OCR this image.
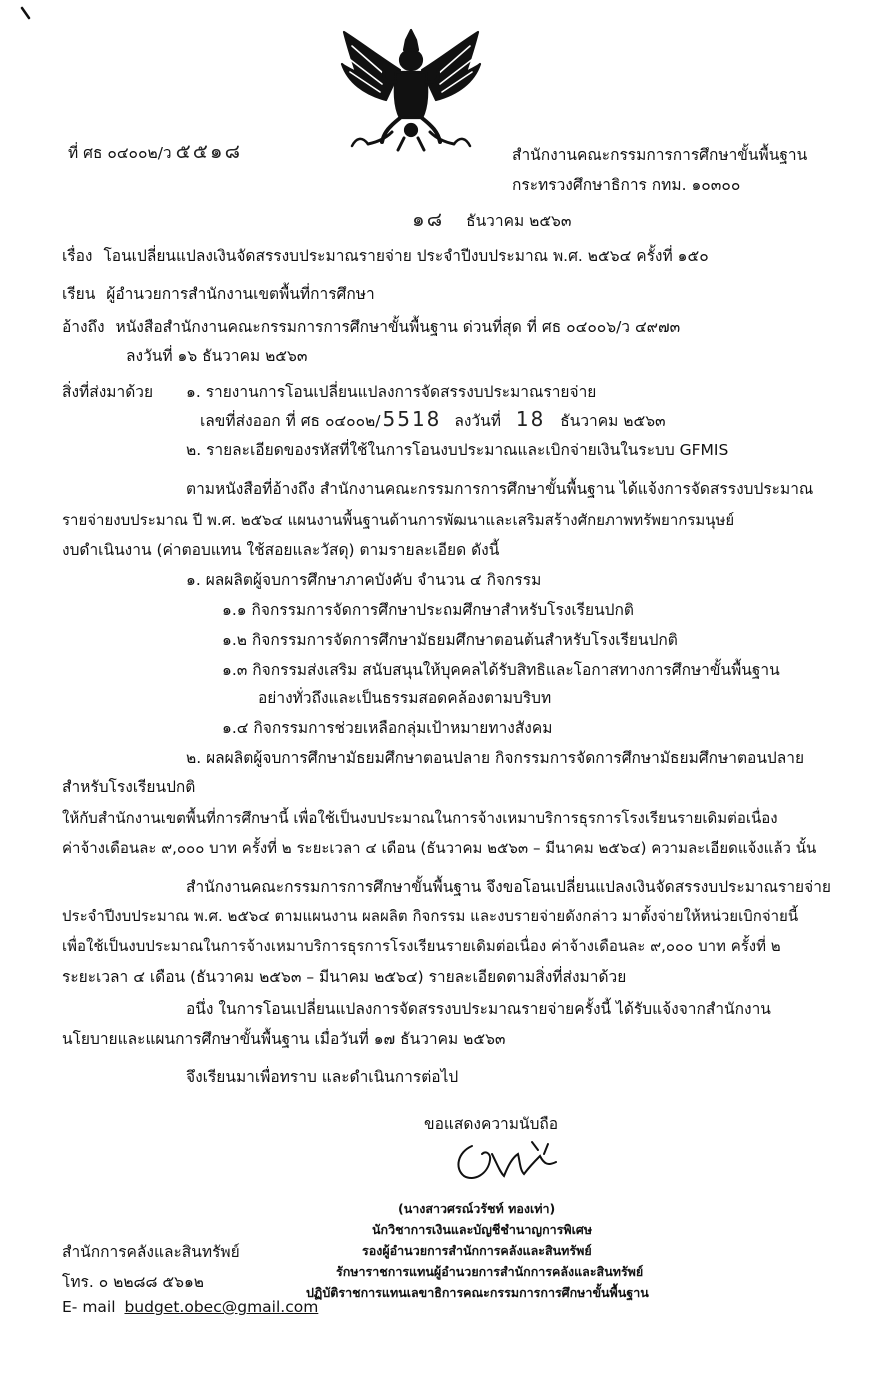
ที่ ศธ ๐๔๐๐๒/ว ๕๕๑๘	สำนักงานคณะกรรมการการศึกษาขั้นพื้นฐาน
กระทรวงศึกษาธิการ กทม. ๑๐๓๐๐
๑๘ ธันวาคม ๒๕๖๓
เรื่อง โอนเปลี่ยนแปลงเงินจัดสรรงบประมาณรายจ่าย ประจำปีงบประมาณ พ.ศ. ๒๕๖๔ ครั้งที่ ๑๕๐
เรียน ผู้อำนวยการสำนักงานเขตพื้นที่การศึกษา
อ้างถึง หนังสือสำนักงานคณะกรรมการการศึกษาขั้นพื้นฐาน ด่วนที่สุด ที่ ศธ ๐๔๐๐๖/ว ๔๙๗๓
ลงวันที่ ๑๖ ธันวาคม ๒๕๖๓
สิ่งที่ส่งมาด้วย ๑. รายงานการโอนเปลี่ยนแปลงการจัดสรรงบประมาณรายจ่าย
เลขที่ส่งออก ที่ ศธ ๐๔๐๐๒/ 5518 ลงวันที่ 18 ธันวาคม ๒๕๖๓
๒. รายละเอียดของรหัสที่ใช้ในการโอนงบประมาณและเบิกจ่ายเงินในระบบ GFMIS
ตามหนังสือที่อ้างถึง สำนักงานคณะกรรมการการศึกษาขั้นพื้นฐาน ได้แจ้งการจัดสรรงบประมาณ
รายจ่ายงบประมาณ ปี พ.ศ. ๒๕๖๔ แผนงานพื้นฐานด้านการพัฒนาและเสริมสร้างศักยภาพทรัพยากรมนุษย์
งบดำเนินงาน (ค่าตอบแทน ใช้สอยและวัสดุ) ตามรายละเอียด ดังนี้
๑. ผลผลิตผู้จบการศึกษาภาคบังคับ จำนวน ๔ กิจกรรม
๑.๑ กิจกรรมการจัดการศึกษาประถมศึกษาสำหรับโรงเรียนปกติ
๑.๒ กิจกรรมการจัดการศึกษามัธยมศึกษาตอนต้นสำหรับโรงเรียนปกติ
๑.๓ กิจกรรมส่งเสริม สนับสนุนให้บุคคลได้รับสิทธิและโอกาสทางการศึกษาขั้นพื้นฐาน
อย่างทั่วถึงและเป็นธรรมสอดคล้องตามบริบท
๑.๔ กิจกรรมการช่วยเหลือกลุ่มเป้าหมายทางสังคม
๒. ผลผลิตผู้จบการศึกษามัธยมศึกษาตอนปลาย กิจกรรมการจัดการศึกษามัธยมศึกษาตอนปลาย
สำหรับโรงเรียนปกติ
ให้กับสำนักงานเขตพื้นที่การศึกษานี้ เพื่อใช้เป็นงบประมาณในการจ้างเหมาบริการธุรการโรงเรียนรายเดิมต่อเนื่อง
ค่าจ้างเดือนละ ๙,๐๐๐ บาท ครั้งที่ ๒ ระยะเวลา ๔ เดือน (ธันวาคม ๒๕๖๓ – มีนาคม ๒๕๖๔) ความละเอียดแจ้งแล้ว นั้น
สำนักงานคณะกรรมการการศึกษาขั้นพื้นฐาน จึงขอโอนเปลี่ยนแปลงเงินจัดสรรงบประมาณรายจ่าย
ประจำปีงบประมาณ พ.ศ. ๒๕๖๔ ตามแผนงาน ผลผลิต กิจกรรม และงบรายจ่ายดังกล่าว มาตั้งจ่ายให้หน่วยเบิกจ่ายนี้
เพื่อใช้เป็นงบประมาณในการจ้างเหมาบริการธุรการโรงเรียนรายเดิมต่อเนื่อง ค่าจ้างเดือนละ ๙,๐๐๐ บาท ครั้งที่ ๒
ระยะเวลา ๔ เดือน (ธันวาคม ๒๕๖๓ – มีนาคม ๒๕๖๔) รายละเอียดตามสิ่งที่ส่งมาด้วย
อนึ่ง ในการโอนเปลี่ยนแปลงการจัดสรรงบประมาณรายจ่ายครั้งนี้ ได้รับแจ้งจากสำนักงาน
นโยบายและแผนการศึกษาขั้นพื้นฐาน เมื่อวันที่ ๑๗ ธันวาคม ๒๕๖๓
จึงเรียนมาเพื่อทราบ และดำเนินการต่อไป
ขอแสดงความนับถือ
(นางสาวศรณ์วรัชท์ ทองเท่า)
นักวิชาการเงินและบัญชีชำนาญการพิเศษ
รองผู้อำนวยการสำนักการคลังและสินทรัพย์
รักษาราชการแทนผู้อำนวยการสำนักการคลังและสินทรัพย์
ปฏิบัติราชการแทนเลขาธิการคณะกรรมการการศึกษาขั้นพื้นฐาน
สำนักการคลังและสินทรัพย์
โทร. ๐ ๒๒๘๘ ๕๖๑๒
E- mail budget.obec@gmail.com
